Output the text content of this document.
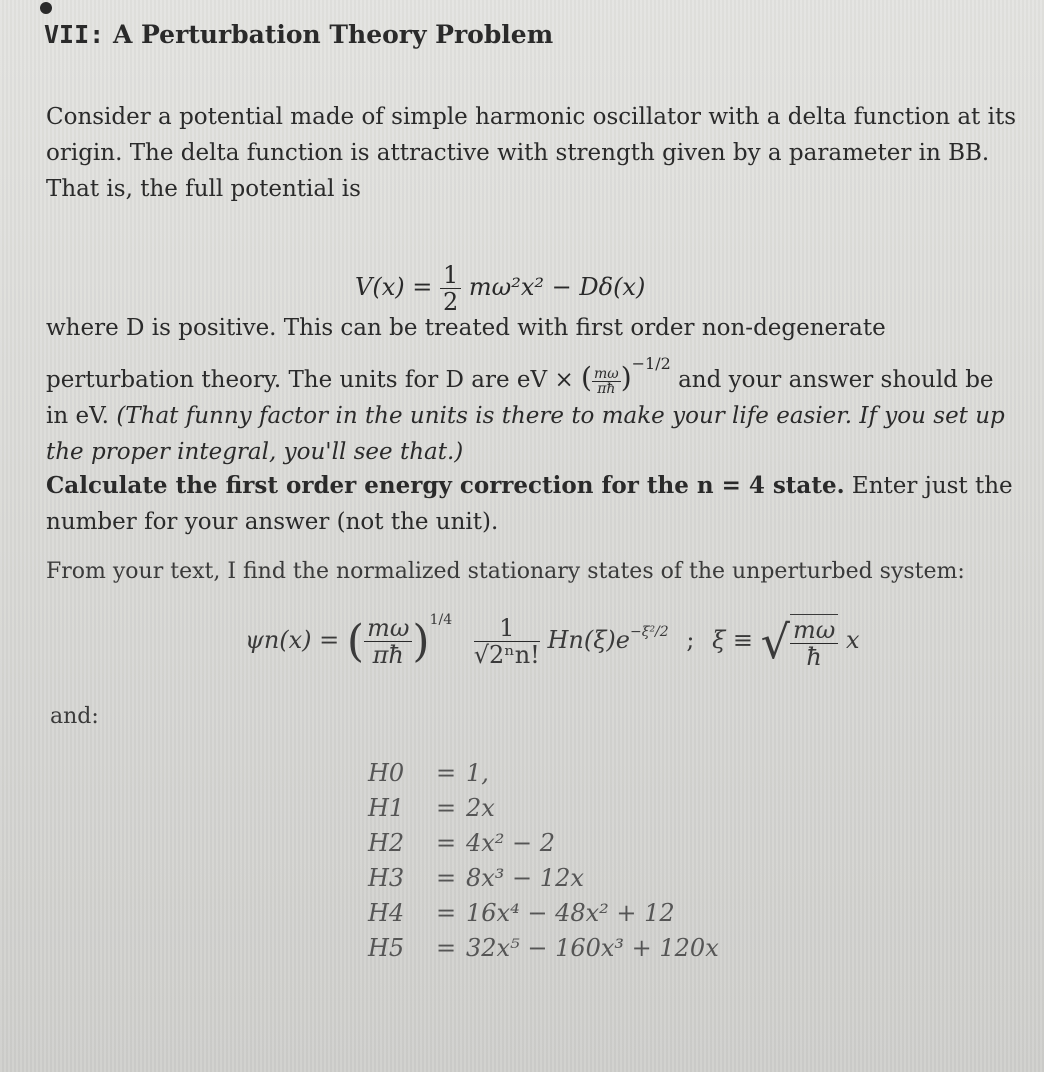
VII: A Perturbation Theory Problem
Consider a potential made of simple harmonic oscillator with a delta function at its origin. The delta function is attractive with strength given by a parameter in BB. That is, the full potential is
$V(x) = \frac{1}{2} m\omega^2x^2 - D\delta(x)$
where D is positive. This can be treated with first order non-degenerate perturbation theory. The units for D are eV × ( $\frac{m\omega}{\pi ħ} )^{-1/2}$ and your answer should be in eV. (That funny factor in the units is there to make your life easier. If you set up the proper integral, you'll see that.)
Calculate the first order energy correction for the n = 4 state. Enter just the number for your answer (not the unit).
From your text, I find the normalized stationary states of the unperturbed system:
ψn(x) = ( $\frac{m\omega}{\pi ħ} )^{1/4} \frac{1}{\text{√2ⁿn!}} Hn(\xi)e^{-\xi^2/2}$ ; ξ ≡ √ $\frac{m\omega}{ħ}$ x
and:
H0 = 1,
H1 = 2x
H2 = 4x² − 2
H3 = 8x³ − 12x
H4 = 16x⁴ − 48x² + 12
H5 = 32x⁵ − 160x³ + 120x
